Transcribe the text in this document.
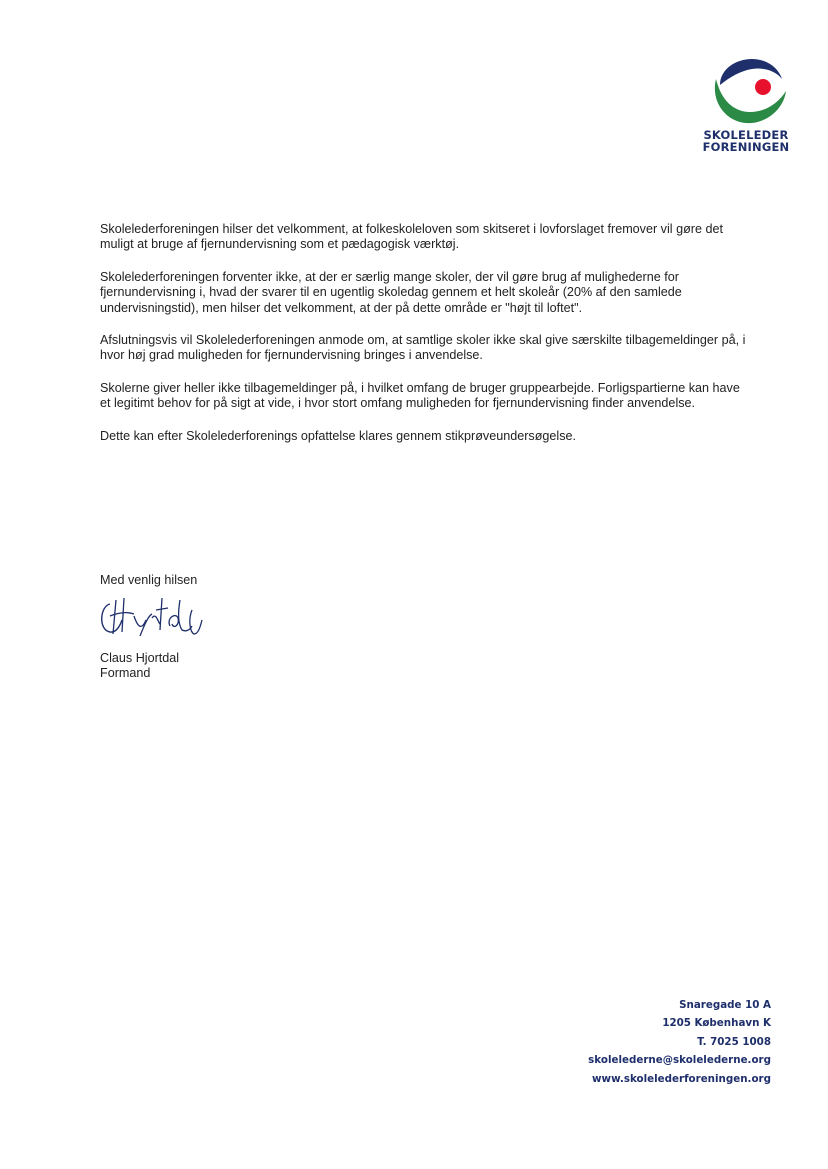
SKOLELEDER
FORENINGEN

Skolelederforeningen hilser det velkomment, at folkeskoleloven som skitseret i lovforslaget fremover vil gøre det muligt at bruge af fjernundervisning som et pædagogisk værktøj.

Skolelederforeningen forventer ikke, at der er særlig mange skoler, der vil gøre brug af mulighederne for fjernundervisning i, hvad der svarer til en ugentlig skoledag gennem et helt skoleår (20% af den samlede undervisningstid), men hilser det velkomment, at der på dette område er "højt til loftet".

Afslutningsvis vil Skolelederforeningen anmode om, at samtlige skoler ikke skal give særskilte tilbagemeldinger på, i hvor høj grad muligheden for fjernundervisning bringes i anvendelse.

Skolerne giver heller ikke tilbagemeldinger på, i hvilket omfang de bruger gruppearbejde. Forligspartierne kan have et legitimt behov for på sigt at vide, i hvor stort omfang muligheden for fjernundervisning finder anvendelse.

Dette kan efter Skolelederforenings opfattelse klares gennem stikprøveundersøgelse.

Med venlig hilsen
Claus Hjortdal
Formand
Snaregade 10 A
1205 København K
T. 7025 1008
skolelederne@skolelederne.org
www.skolelederforeningen.org
